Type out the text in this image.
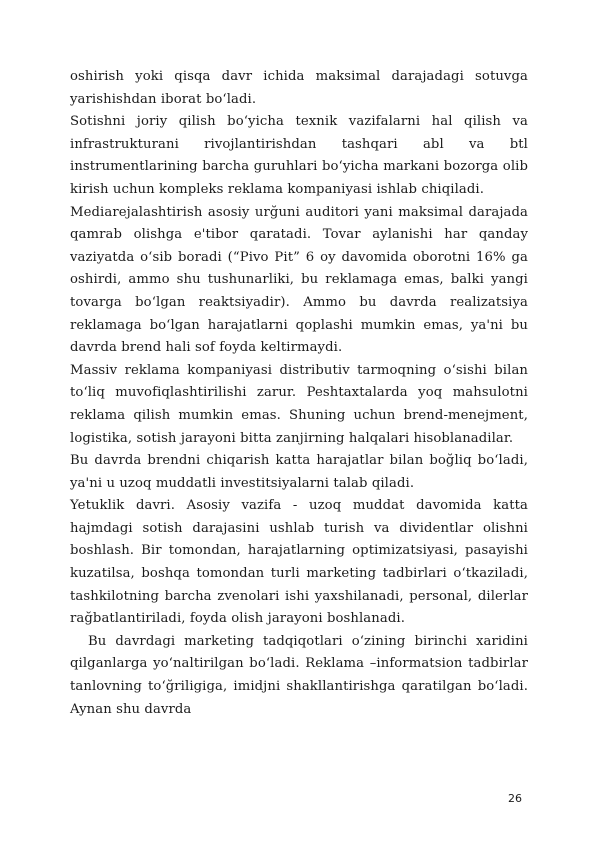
oshirish yoki qisqa davr ichida maksimal darajadagi sotuvga yarishishdan iborat boʻladi.

Sotishni joriy qilish boʻyicha texnik vazifalarni hal qilish va infrastrukturani rivojlantirishdan tashqari abl va btl instrumentlarining barcha guruhlari boʻyicha markani bozorga olib kirish uchun kompleks reklama kompaniyasi ishlab chiqiladi.

Mediarejalashtirish asosiy urğuni auditori yani maksimal darajada qamrab olishga e'tibor qaratadi. Tovar aylanishi har qanday vaziyatda oʻsib boradi (“Pivo Pit” 6 oy davomida oborotni 16% ga oshirdi, ammo shu tushunarliki, bu reklamaga emas, balki yangi tovarga boʻlgan reaktsiyadir). Ammo bu davrda realizatsiya reklamaga boʻlgan harajatlarni qoplashi mumkin emas, ya'ni bu davrda brend hali sof foyda keltirmaydi.

Massiv reklama kompaniyasi distributiv tarmoqning oʻsishi bilan toʻliq muvofiqlashtirilishi zarur. Peshtaxtalarda yoq mahsulotni reklama qilish mumkin emas. Shuning uchun brend-menejment, logistika, sotish jarayoni bitta zanjirning halqalari hisoblanadilar.

Bu davrda brendni chiqarish katta harajatlar bilan boğliq boʻladi, ya'ni u uzoq muddatli investitsiyalarni talab qiladi.

Yetuklik davri. Asosiy vazifa - uzoq muddat davomida katta hajmdagi sotish darajasini ushlab turish va dividentlar olishni boshlash. Bir tomondan, harajatlarning optimizatsiyasi, pasayishi kuzatilsa, boshqa tomondan turli marketing tadbirlari oʻtkaziladi, tashkilotning barcha zvenolari ishi yaxshilanadi, personal, dilerlar rağbatlantiriladi, foyda olish jarayoni boshlanadi.

Bu davrdagi marketing tadqiqotlari oʻzining birinchi xaridini qilganlarga yoʻnaltirilgan boʻladi. Reklama –informatsion tadbirlar tanlovning toʻğriligiga, imidjni shakllantirishga qaratilgan boʻladi. Aynan shu davrda

26
